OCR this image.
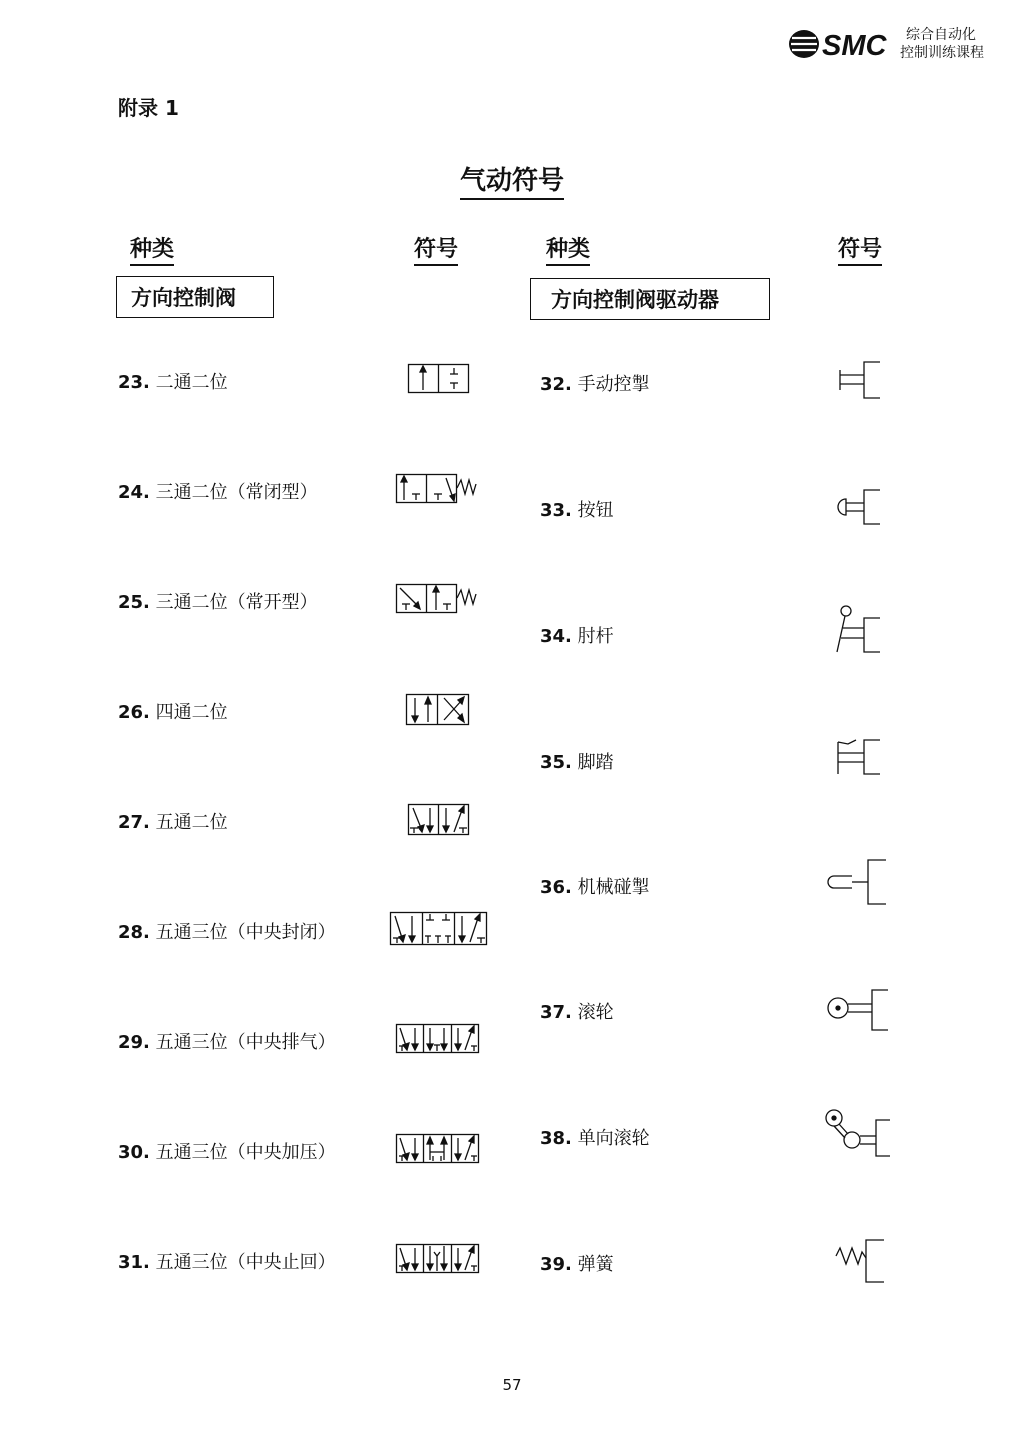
SMC	综合自动化
控制训练课程
附录 1
气动符号
种类	符号	种类	符号
方向控制阀	方向控制阀驱动器
23. 二通二位
24. 三通二位（常闭型）
25. 三通二位（常开型）
26. 四通二位
27. 五通二位
28. 五通三位（中央封闭）
29. 五通三位（中央排气）
30. 五通三位（中央加压）
31. 五通三位（中央止回）
32. 手动控掣
33. 按钮
34. 肘杆
35. 脚踏
36. 机械碰掣
37. 滚轮
38. 单向滚轮
39. 弹簧
57
